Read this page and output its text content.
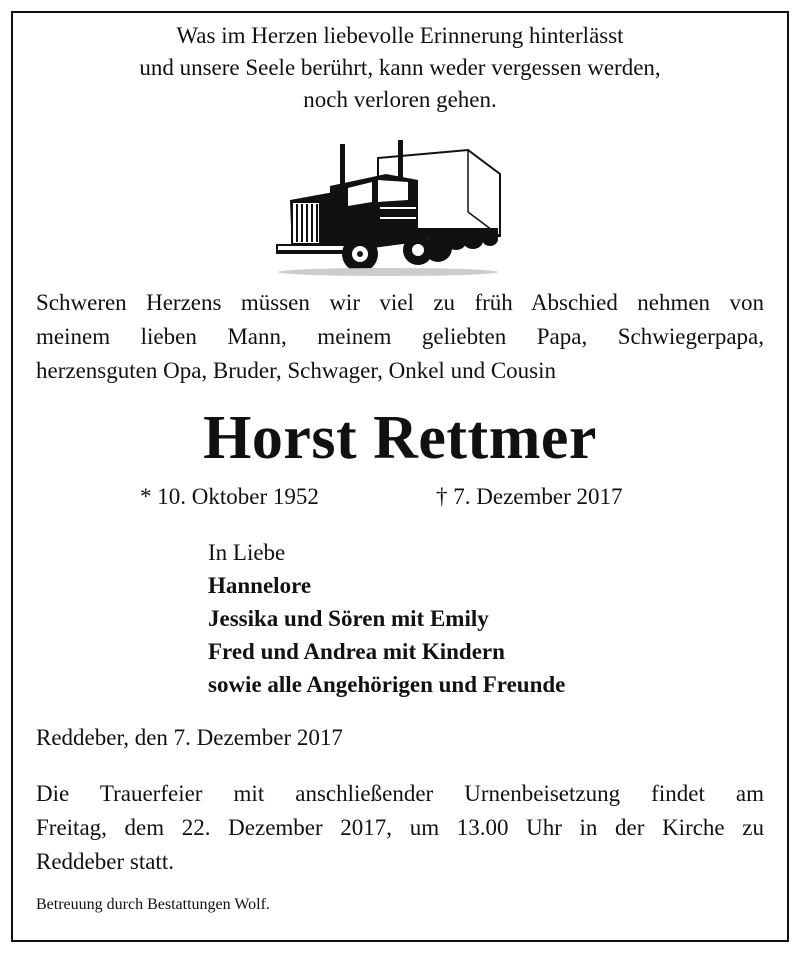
Was im Herzen liebevolle Erinnerung hinterlässt
und unsere Seele berührt, kann weder vergessen werden,
noch verloren gehen.
Schweren Herzens müssen wir viel zu früh Abschied nehmen von
meinem lieben Mann, meinem geliebten Papa, Schwiegerpapa,
herzensguten Opa, Bruder, Schwager, Onkel und Cousin
Horst Rettmer
* 10. Oktober 1952	† 7. Dezember 2017
In Liebe
Hannelore
Jessika und Sören mit Emily
Fred und Andrea mit Kindern
sowie alle Angehörigen und Freunde
Reddeber, den 7. Dezember 2017
Die Trauerfeier mit anschließender Urnenbeisetzung findet am
Freitag, dem 22. Dezember 2017, um 13.00 Uhr in der Kirche zu
Reddeber statt.
Betreuung durch Bestattungen Wolf.
